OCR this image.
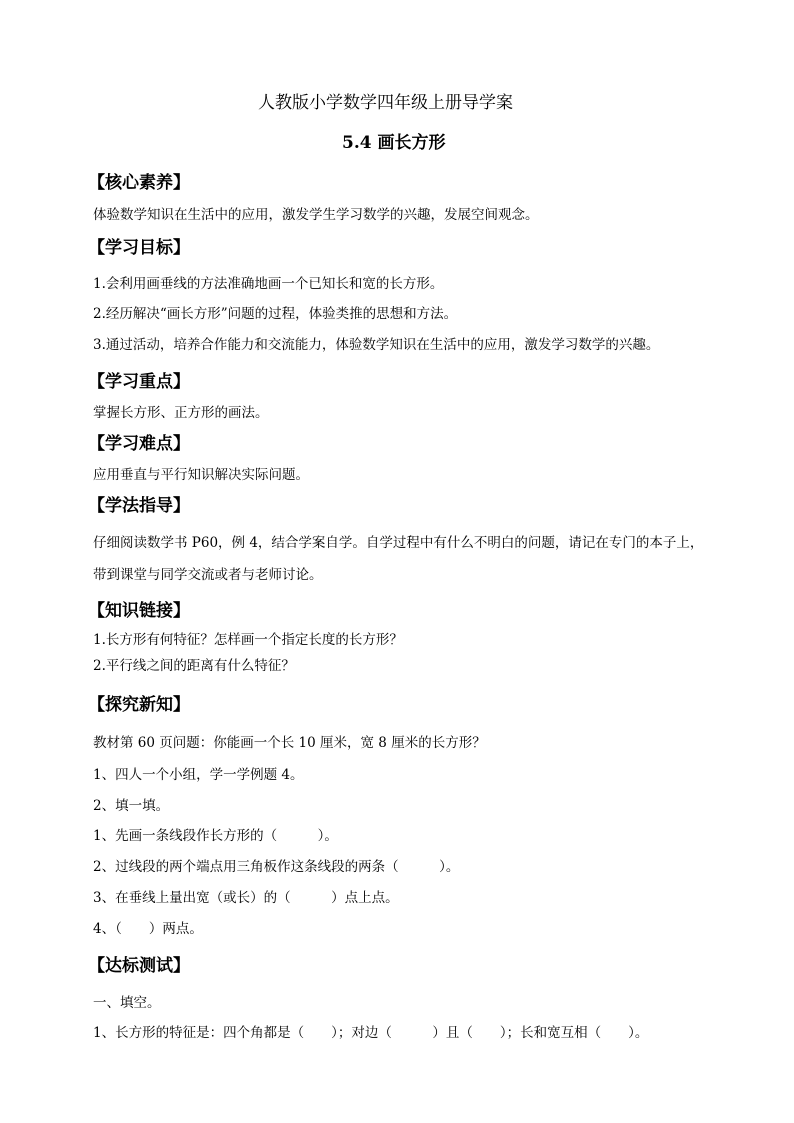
人教版小学数学四年级上册导学案
5.4 画长方形
【核心素养】
体验数学知识在生活中的应用，激发学生学习数学的兴趣，发展空间观念。
【学习目标】
1.会利用画垂线的方法准确地画一个已知长和宽的长方形。
2.经历解决“画长方形”问题的过程，体验类推的思想和方法。
3.通过活动，培养合作能力和交流能力，体验数学知识在生活中的应用，激发学习数学的兴趣。
【学习重点】
掌握长方形、正方形的画法。
【学习难点】
应用垂直与平行知识解决实际问题。
【学法指导】
仔细阅读数学书 P60，例 4，结合学案自学。自学过程中有什么不明白的问题，请记在专门的本子上，
带到课堂与同学交流或者与老师讨论。
【知识链接】
1.长方形有何特征？怎样画一个指定长度的长方形？
2.平行线之间的距离有什么特征？
【探究新知】
教材第 60 页问题：你能画一个长 10 厘米，宽 8 厘米的长方形？
1、四人一个小组，学一学例题 4。
2、填一填。
1、先画一条线段作长方形的（　　　）。
2、过线段的两个端点用三角板作这条线段的两条（　　　）。
3、在垂线上量出宽（或长）的（　　　）点上点。
4、（　　）两点。
【达标测试】
一、填空。
1、长方形的特征是：四个角都是（　　）；对边（　　　）且（　　）；长和宽互相（　　）。
